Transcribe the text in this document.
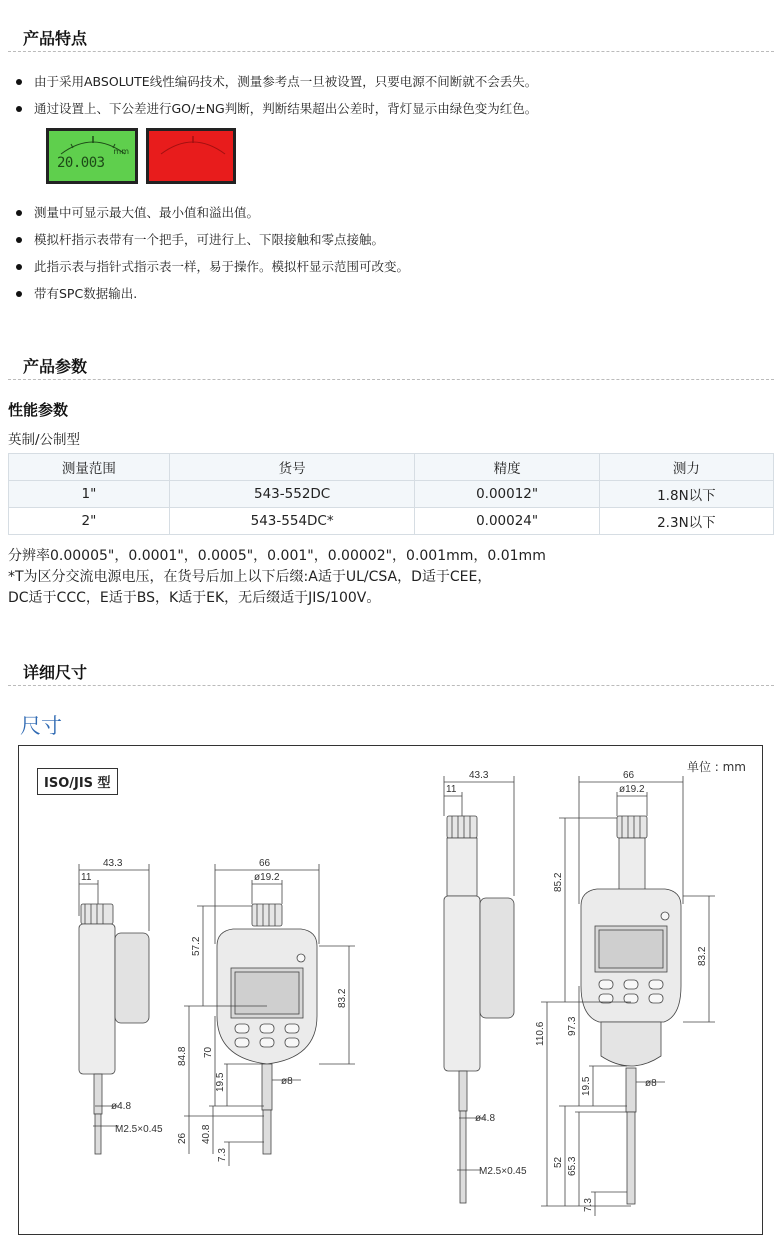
产品特点
由于采用ABSOLUTE线性编码技术，测量参考点一旦被设置，只要电源不间断就不会丢失。
通过设置上、下公差进行GO/±NG判断，判断结果超出公差时，背灯显示由绿色变为红色。
20.003
mm
测量中可显示最大值、最小值和溢出值。
模拟杆指示表带有一个把手，可进行上、下限接触和零点接触。
此指示表与指针式指示表一样，易于操作。模拟杆显示范围可改变。
带有SPC数据输出.
产品参数
性能参数
英制/公制型
测量范围	货号	精度	测力
1"	543-552DC	0.00012"	1.8N以下
2"	543-554DC*	0.00024"	2.3N以下
分辨率0.00005"，0.0001"，0.0005"，0.001"，0.00002"，0.001mm，0.01mm
*T为区分交流电源电压，在货号后加上以下后缀:A适于UL/CSA，D适于CEE，
DC适于CCC，E适于BS，K适于EK，无后缀适于JIS/100V。
详细尺寸
尺寸
ISO/JIS 型
单位 : mm
43.3
11
ø4.8
M2.5×0.45
66
ø19.2
57.2
83.2
84.8 70
19.5	ø8
26 40.8
7.3
43.3
11
ø4.8
M2.5×0.45
66
ø19.2
85.2
83.2
110.6 97.3
19.5	ø8
52 65.3
7.3
